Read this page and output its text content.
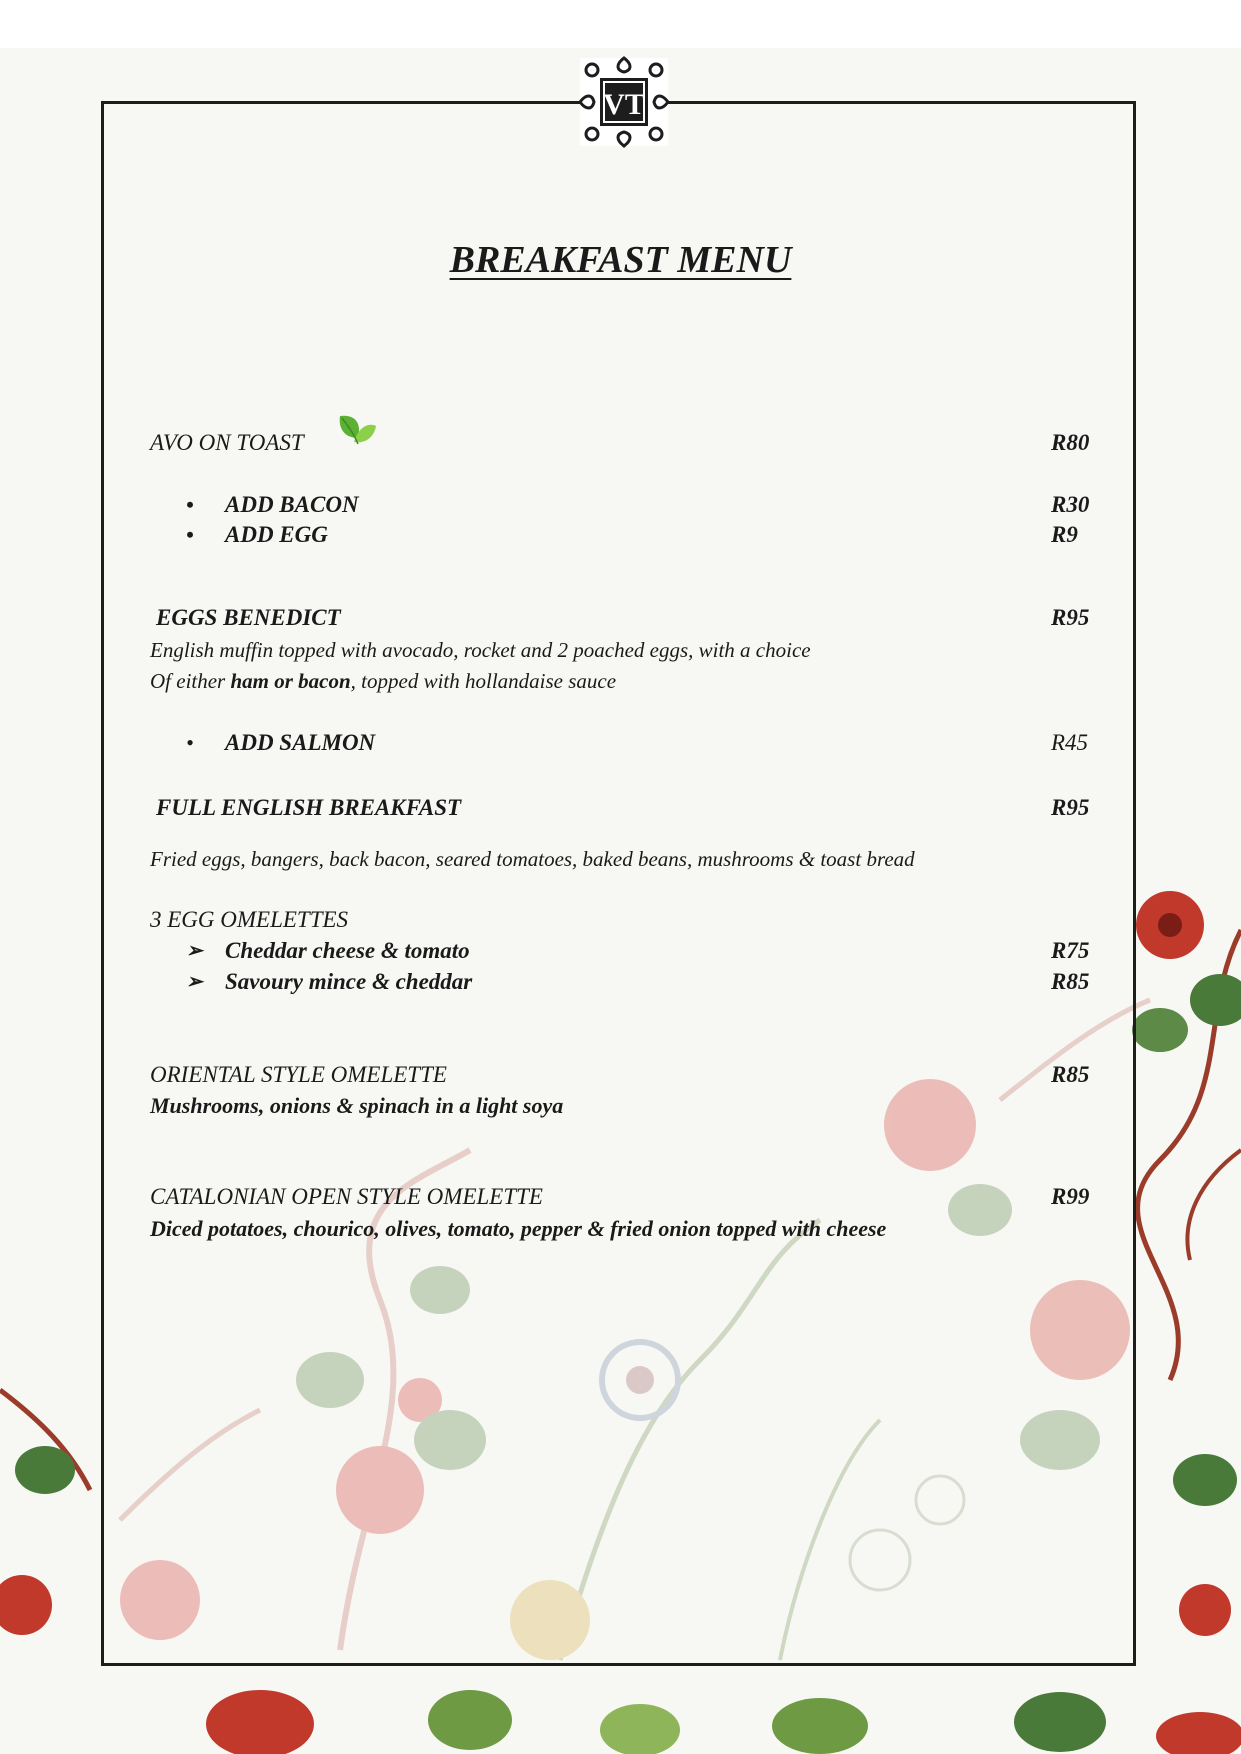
VT
BREAKFAST MENU
AVO ON TOAST	R80
• ADD BACON	R30
• ADD EGG	R9
EGGS BENEDICT	R95
English muffin topped with avocado, rocket and 2 poached eggs, with a choice
Of either ham or bacon, topped with hollandaise sauce
• ADD SALMON	R45
FULL ENGLISH BREAKFAST	R95
Fried eggs, bangers, back bacon, seared tomatoes, baked beans, mushrooms & toast bread
3 EGG OMELETTES
➢ Cheddar cheese & tomato	R75
➢ Savoury mince & cheddar	R85
ORIENTAL STYLE OMELETTE	R85
Mushrooms, onions & spinach in a light soya
CATALONIAN OPEN STYLE OMELETTE	R99
Diced potatoes, chourico, olives, tomato, pepper & fried onion topped with cheese
